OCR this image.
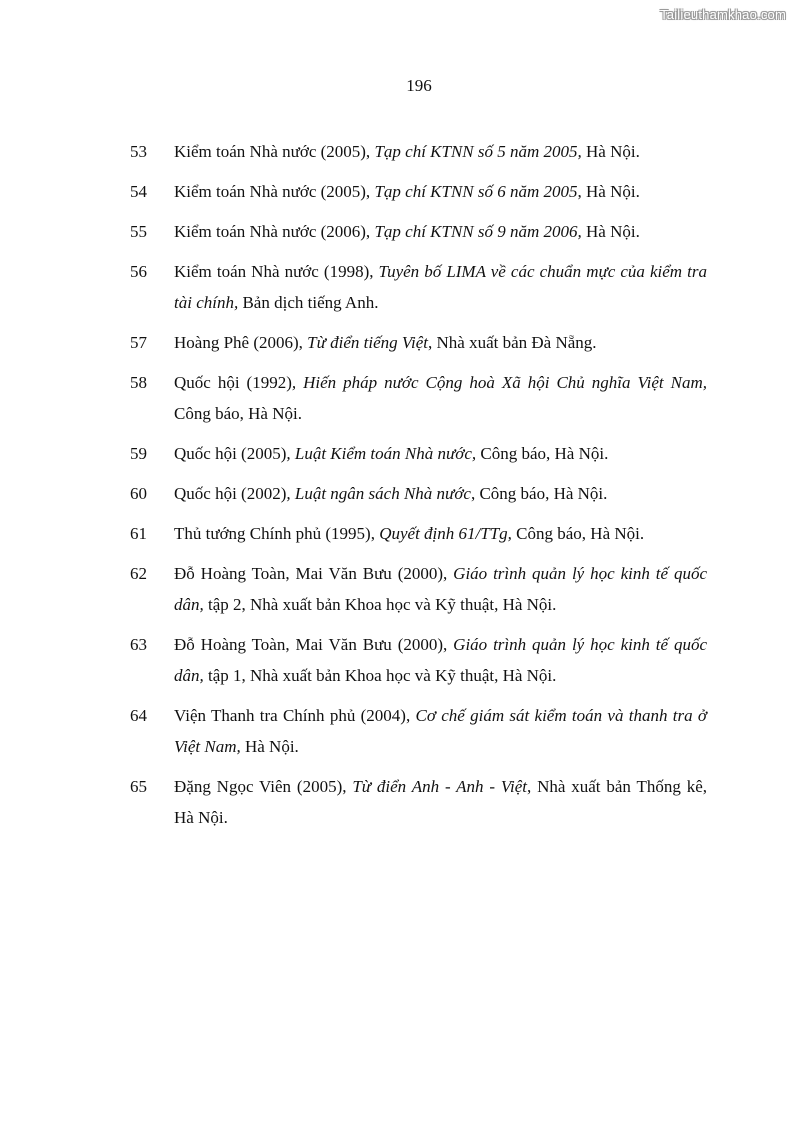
Tailieuthamkhao.com
196
53	Kiểm toán Nhà nước (2005), Tạp chí KTNN số 5 năm 2005, Hà Nội.
54	Kiểm toán Nhà nước (2005), Tạp chí KTNN số 6 năm 2005, Hà Nội.
55	Kiểm toán Nhà nước (2006), Tạp chí KTNN số 9 năm 2006, Hà Nội.
56	Kiểm toán Nhà nước (1998), Tuyên bố LIMA về các chuẩn mực của kiểm tra tài chính, Bản dịch tiếng Anh.
57	Hoàng Phê (2006), Từ điển tiếng Việt, Nhà xuất bản Đà Nẵng.
58	Quốc hội (1992), Hiến pháp nước Cộng hoà Xã hội Chủ nghĩa Việt Nam, Công báo, Hà Nội.
59	Quốc hội (2005), Luật Kiểm toán Nhà nước, Công báo, Hà Nội.
60	Quốc hội (2002), Luật ngân sách Nhà nước, Công báo, Hà Nội.
61	Thủ tướng Chính phủ (1995), Quyết định 61/TTg, Công báo, Hà Nội.
62	Đỗ Hoàng Toàn, Mai Văn Bưu (2000), Giáo trình quản lý học kinh tế quốc dân, tập 2, Nhà xuất bản Khoa học và Kỹ thuật, Hà Nội.
63	Đỗ Hoàng Toàn, Mai Văn Bưu (2000), Giáo trình quản lý học kinh tế quốc dân, tập 1, Nhà xuất bản Khoa học và Kỹ thuật, Hà Nội.
64	Viện Thanh tra Chính phủ (2004), Cơ chế giám sát kiểm toán và thanh tra ở Việt Nam, Hà Nội.
65	Đặng Ngọc Viên (2005), Từ điển Anh - Anh - Việt, Nhà xuất bản Thống kê, Hà Nội.
